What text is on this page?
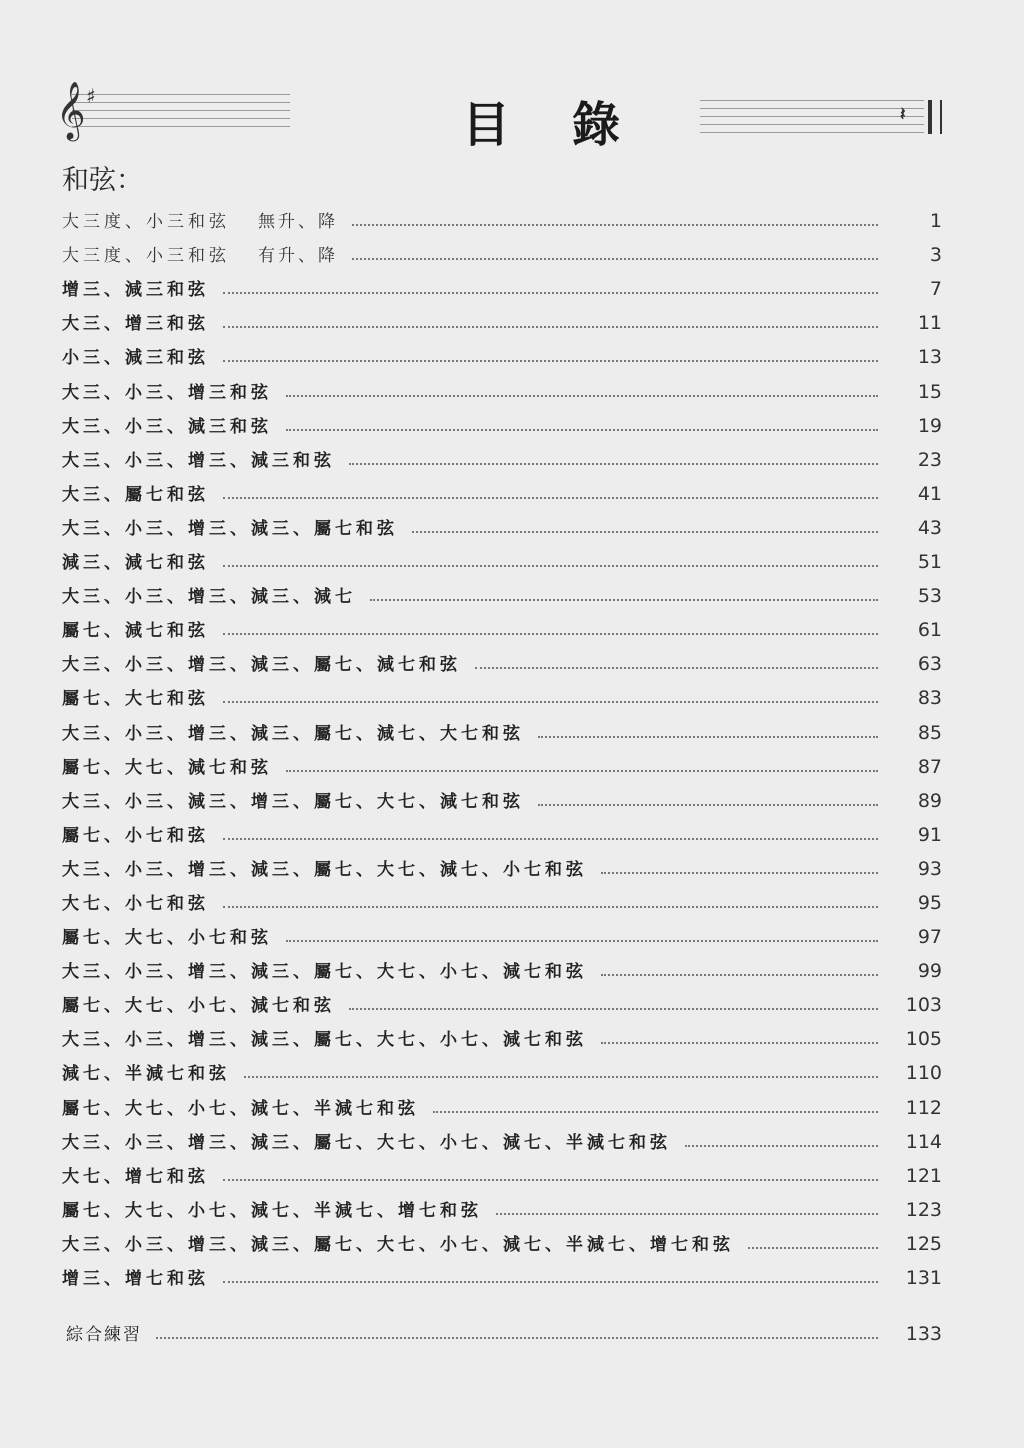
𝄞 ♯
𝄽
目錄
和弦：
大三度、小三和弦 無升、降	1
大三度、小三和弦 有升、降	3
增三、減三和弦	7
大三、增三和弦	11
小三、減三和弦	13
大三、小三、增三和弦	15
大三、小三、減三和弦	19
大三、小三、增三、減三和弦	23
大三、屬七和弦	41
大三、小三、增三、減三、屬七和弦	43
減三、減七和弦	51
大三、小三、增三、減三、減七	53
屬七、減七和弦	61
大三、小三、增三、減三、屬七、減七和弦	63
屬七、大七和弦	83
大三、小三、增三、減三、屬七、減七、大七和弦	85
屬七、大七、減七和弦	87
大三、小三、減三、增三、屬七、大七、減七和弦	89
屬七、小七和弦	91
大三、小三、增三、減三、屬七、大七、減七、小七和弦	93
大七、小七和弦	95
屬七、大七、小七和弦	97
大三、小三、增三、減三、屬七、大七、小七、減七和弦	99
屬七、大七、小七、減七和弦	103
大三、小三、增三、減三、屬七、大七、小七、減七和弦	105
減七、半減七和弦	110
屬七、大七、小七、減七、半減七和弦	112
大三、小三、增三、減三、屬七、大七、小七、減七、半減七和弦	114
大七、增七和弦	121
屬七、大七、小七、減七、半減七、增七和弦	123
大三、小三、增三、減三、屬七、大七、小七、減七、半減七、增七和弦	125
增三、增七和弦	131
綜合練習	133
